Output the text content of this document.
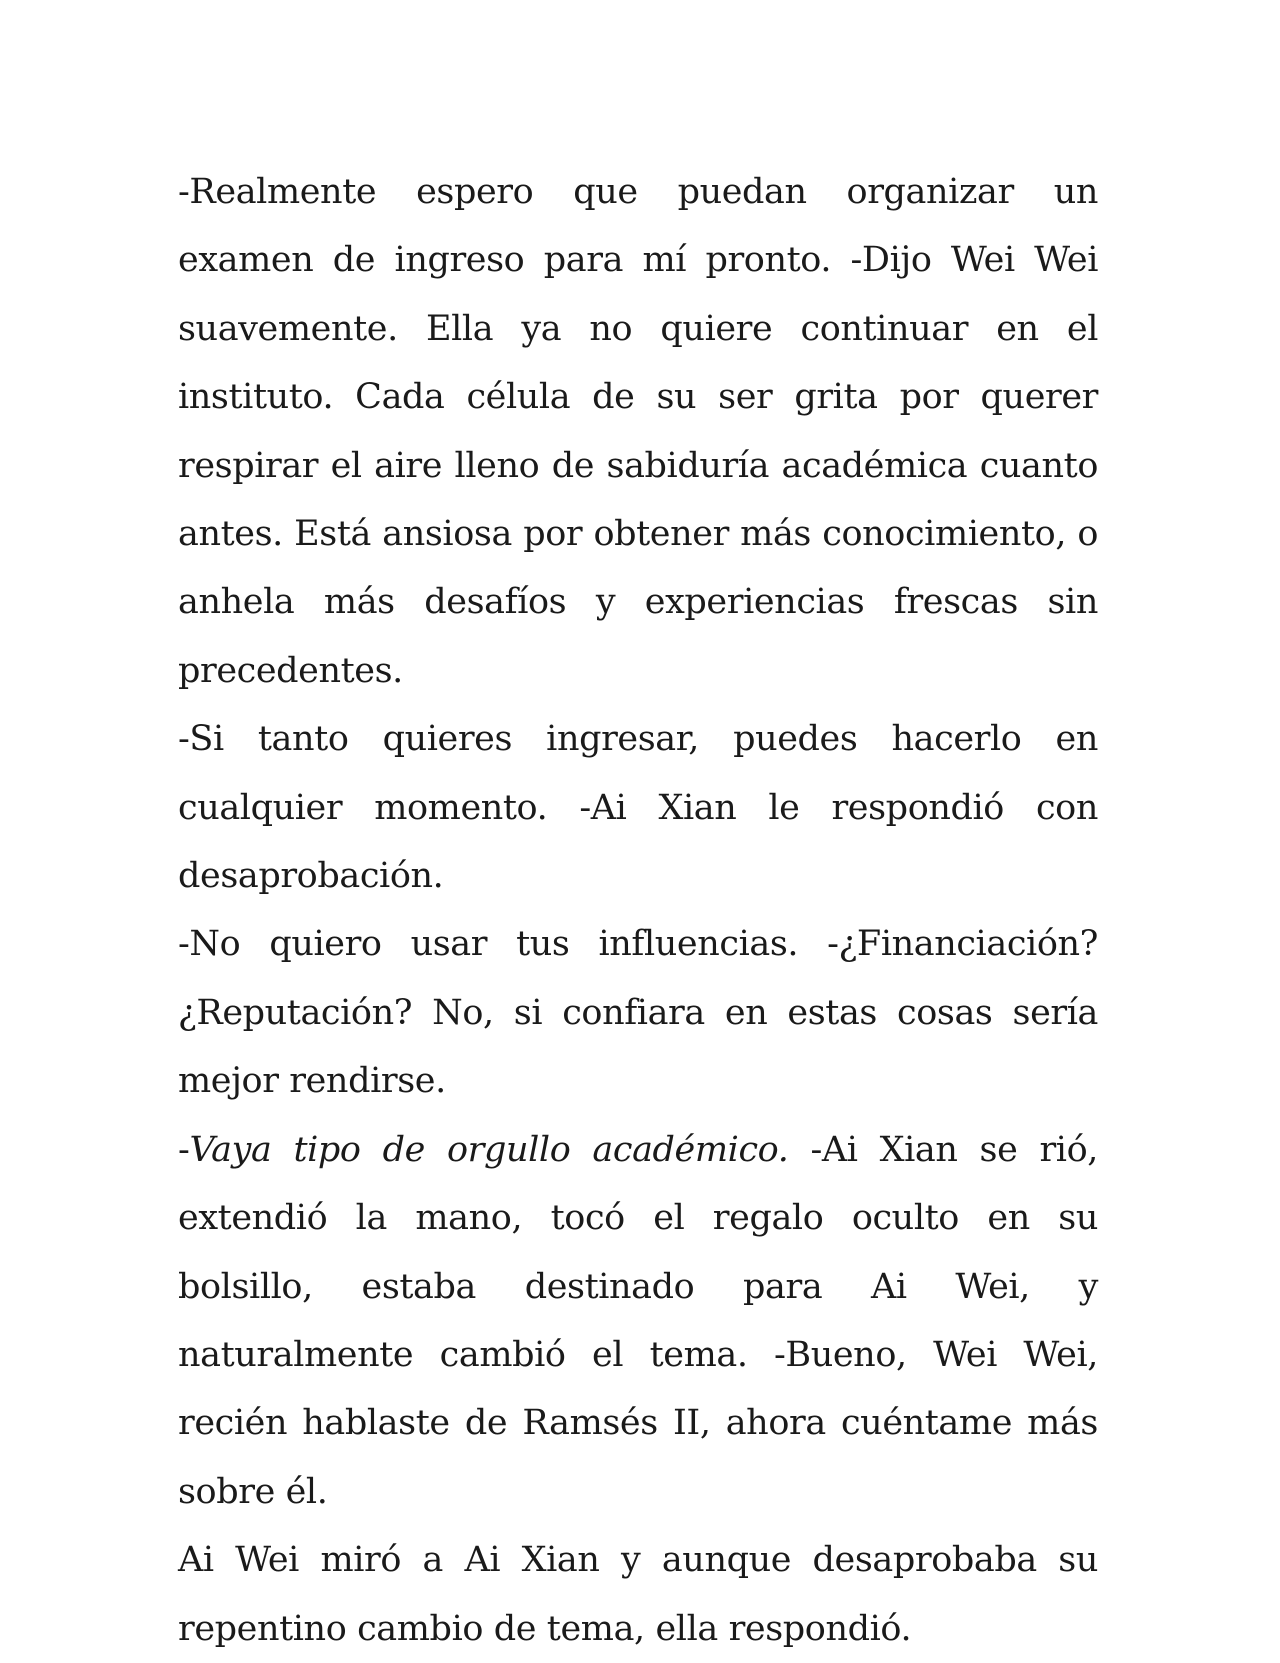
-Realmente espero que puedan organizar un examen de ingreso para mí pronto. -Dijo Wei Wei suavemente. Ella ya no quiere continuar en el instituto. Cada célula de su ser grita por querer respirar el aire lleno de sabiduría académica cuanto antes. Está ansiosa por obtener más conocimiento, o anhela más desafíos y experiencias frescas sin precedentes.

-Si tanto quieres ingresar, puedes hacerlo en cualquier momento. -Ai Xian le respondió con desaprobación.

-No quiero usar tus influencias. -¿Financiación? ¿Reputación? No, si confiara en estas cosas sería mejor rendirse.

-Vaya tipo de orgullo académico. -Ai Xian se rió, extendió la mano, tocó el regalo oculto en su bolsillo, estaba destinado para Ai Wei, y naturalmente cambió el tema. -Bueno, Wei Wei, recién hablaste de Ramsés II, ahora cuéntame más sobre él.

Ai Wei miró a Ai Xian y aunque desaprobaba su repentino cambio de tema, ella respondió.
